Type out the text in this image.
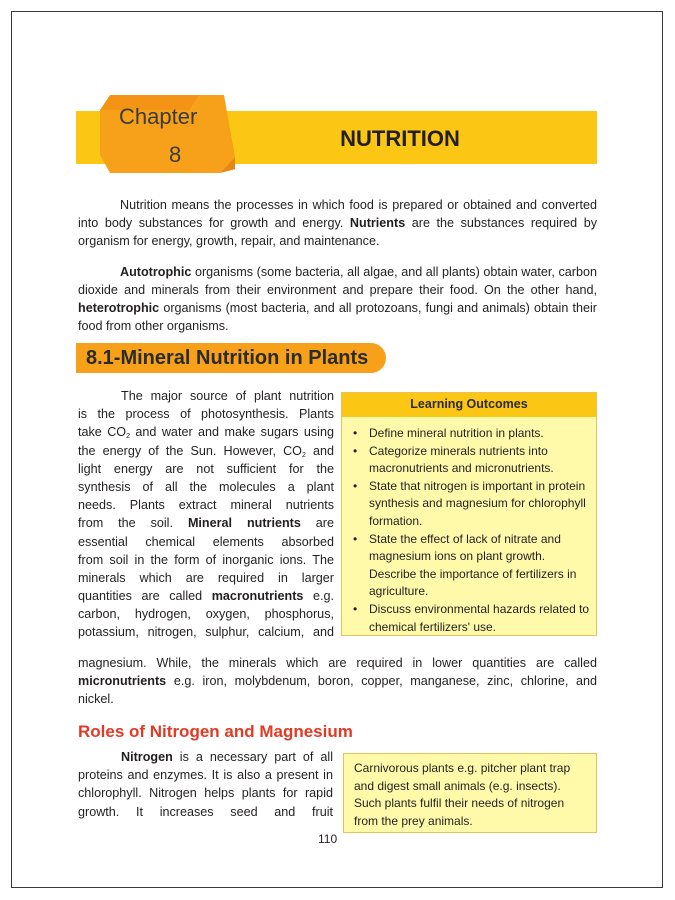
Chapter
8
NUTRITION

Nutrition means the processes in which food is prepared or obtained and converted into body substances for growth and energy. Nutrients are the substances required by organism for energy, growth, repair, and maintenance.

Autotrophic organisms (some bacteria, all algae, and all plants) obtain water, carbon dioxide and minerals from their environment and prepare their food. On the other hand, heterotrophic organisms (most bacteria, and all protozoans, fungi and animals) obtain their food from other organisms.

8.1-Mineral Nutrition in Plants
The major source of plant nutrition
is the process of photosynthesis. Plants
take $CO_2$ and water and make sugars using
the energy of the Sun. However, $CO_2$ and
light energy are not sufficient for the
synthesis of all the molecules a plant
needs. Plants extract mineral nutrients
from the soil. Mineral nutrients are
essential chemical elements absorbed
from soil in the form of inorganic ions. The
minerals which are required in larger
quantities are called macronutrients e.g.
carbon, hydrogen, oxygen, phosphorus,
potassium, nitrogen, sulphur, calcium, and

magnesium. While, the minerals which are required in lower quantities are called micronutrients e.g. iron, molybdenum, boron, copper, manganese, zinc, chlorine, and nickel.

Learning Outcomes
• Define mineral nutrition in plants.
• Categorize minerals nutrients into macronutrients and micronutrients.
• State that nitrogen is important in protein synthesis and magnesium for chlorophyll formation.
• State the effect of lack of nitrate and magnesium ions on plant growth. Describe the importance of fertilizers in agriculture.
• Discuss environmental hazards related to chemical fertilizers' use.
Roles of Nitrogen and Magnesium
Nitrogen is a necessary part of all
proteins and enzymes. It is also a present in
chlorophyll. Nitrogen helps plants for rapid
growth. It increases seed and fruit

Carnivorous plants e.g. pitcher plant trap and digest small animals (e.g. insects). Such plants fulfil their needs of nitrogen from the prey animals.

110
